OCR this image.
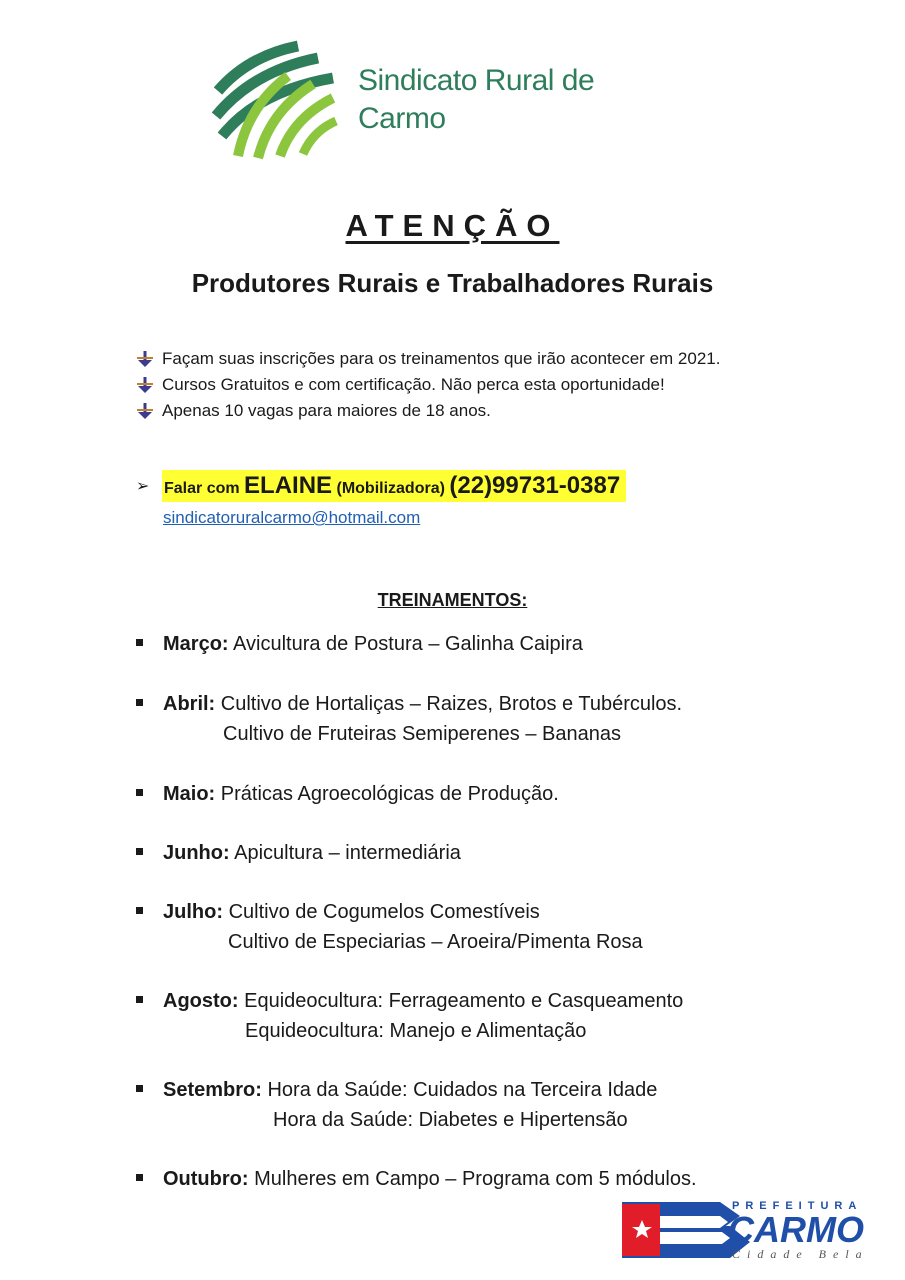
Sindicato Rural de
Carmo
ATENÇÃO
Produtores Rurais e Trabalhadores Rurais
Façam suas inscrições para os treinamentos que irão acontecer em 2021.
Cursos Gratuitos e com certificação. Não perca esta oportunidade!
Apenas 10 vagas para maiores de 18 anos.
➢ Falar com ELAINE (Mobilizadora) (22)99731-0387
sindicatoruralcarmo@hotmail.com
TREINAMENTOS:
Março: Avicultura de Postura – Galinha Caipira
Abril: Cultivo de Hortaliças – Raizes, Brotos e Tubérculos.
Cultivo de Fruteiras Semiperenes – Bananas
Maio: Práticas Agroecológicas de Produção.
Junho: Apicultura – intermediária
Julho: Cultivo de Cogumelos Comestíveis
Cultivo de Especiarias – Aroeira/Pimenta Rosa
Agosto: Equideocultura: Ferrageamento e Casqueamento
Equideocultura: Manejo e Alimentação
Setembro: Hora da Saúde: Cuidados na Terceira Idade
Hora da Saúde: Diabetes e Hipertensão
Outubro: Mulheres em Campo – Programa com 5 módulos.
PREFEITURA
CARMO
Cidade Bela
